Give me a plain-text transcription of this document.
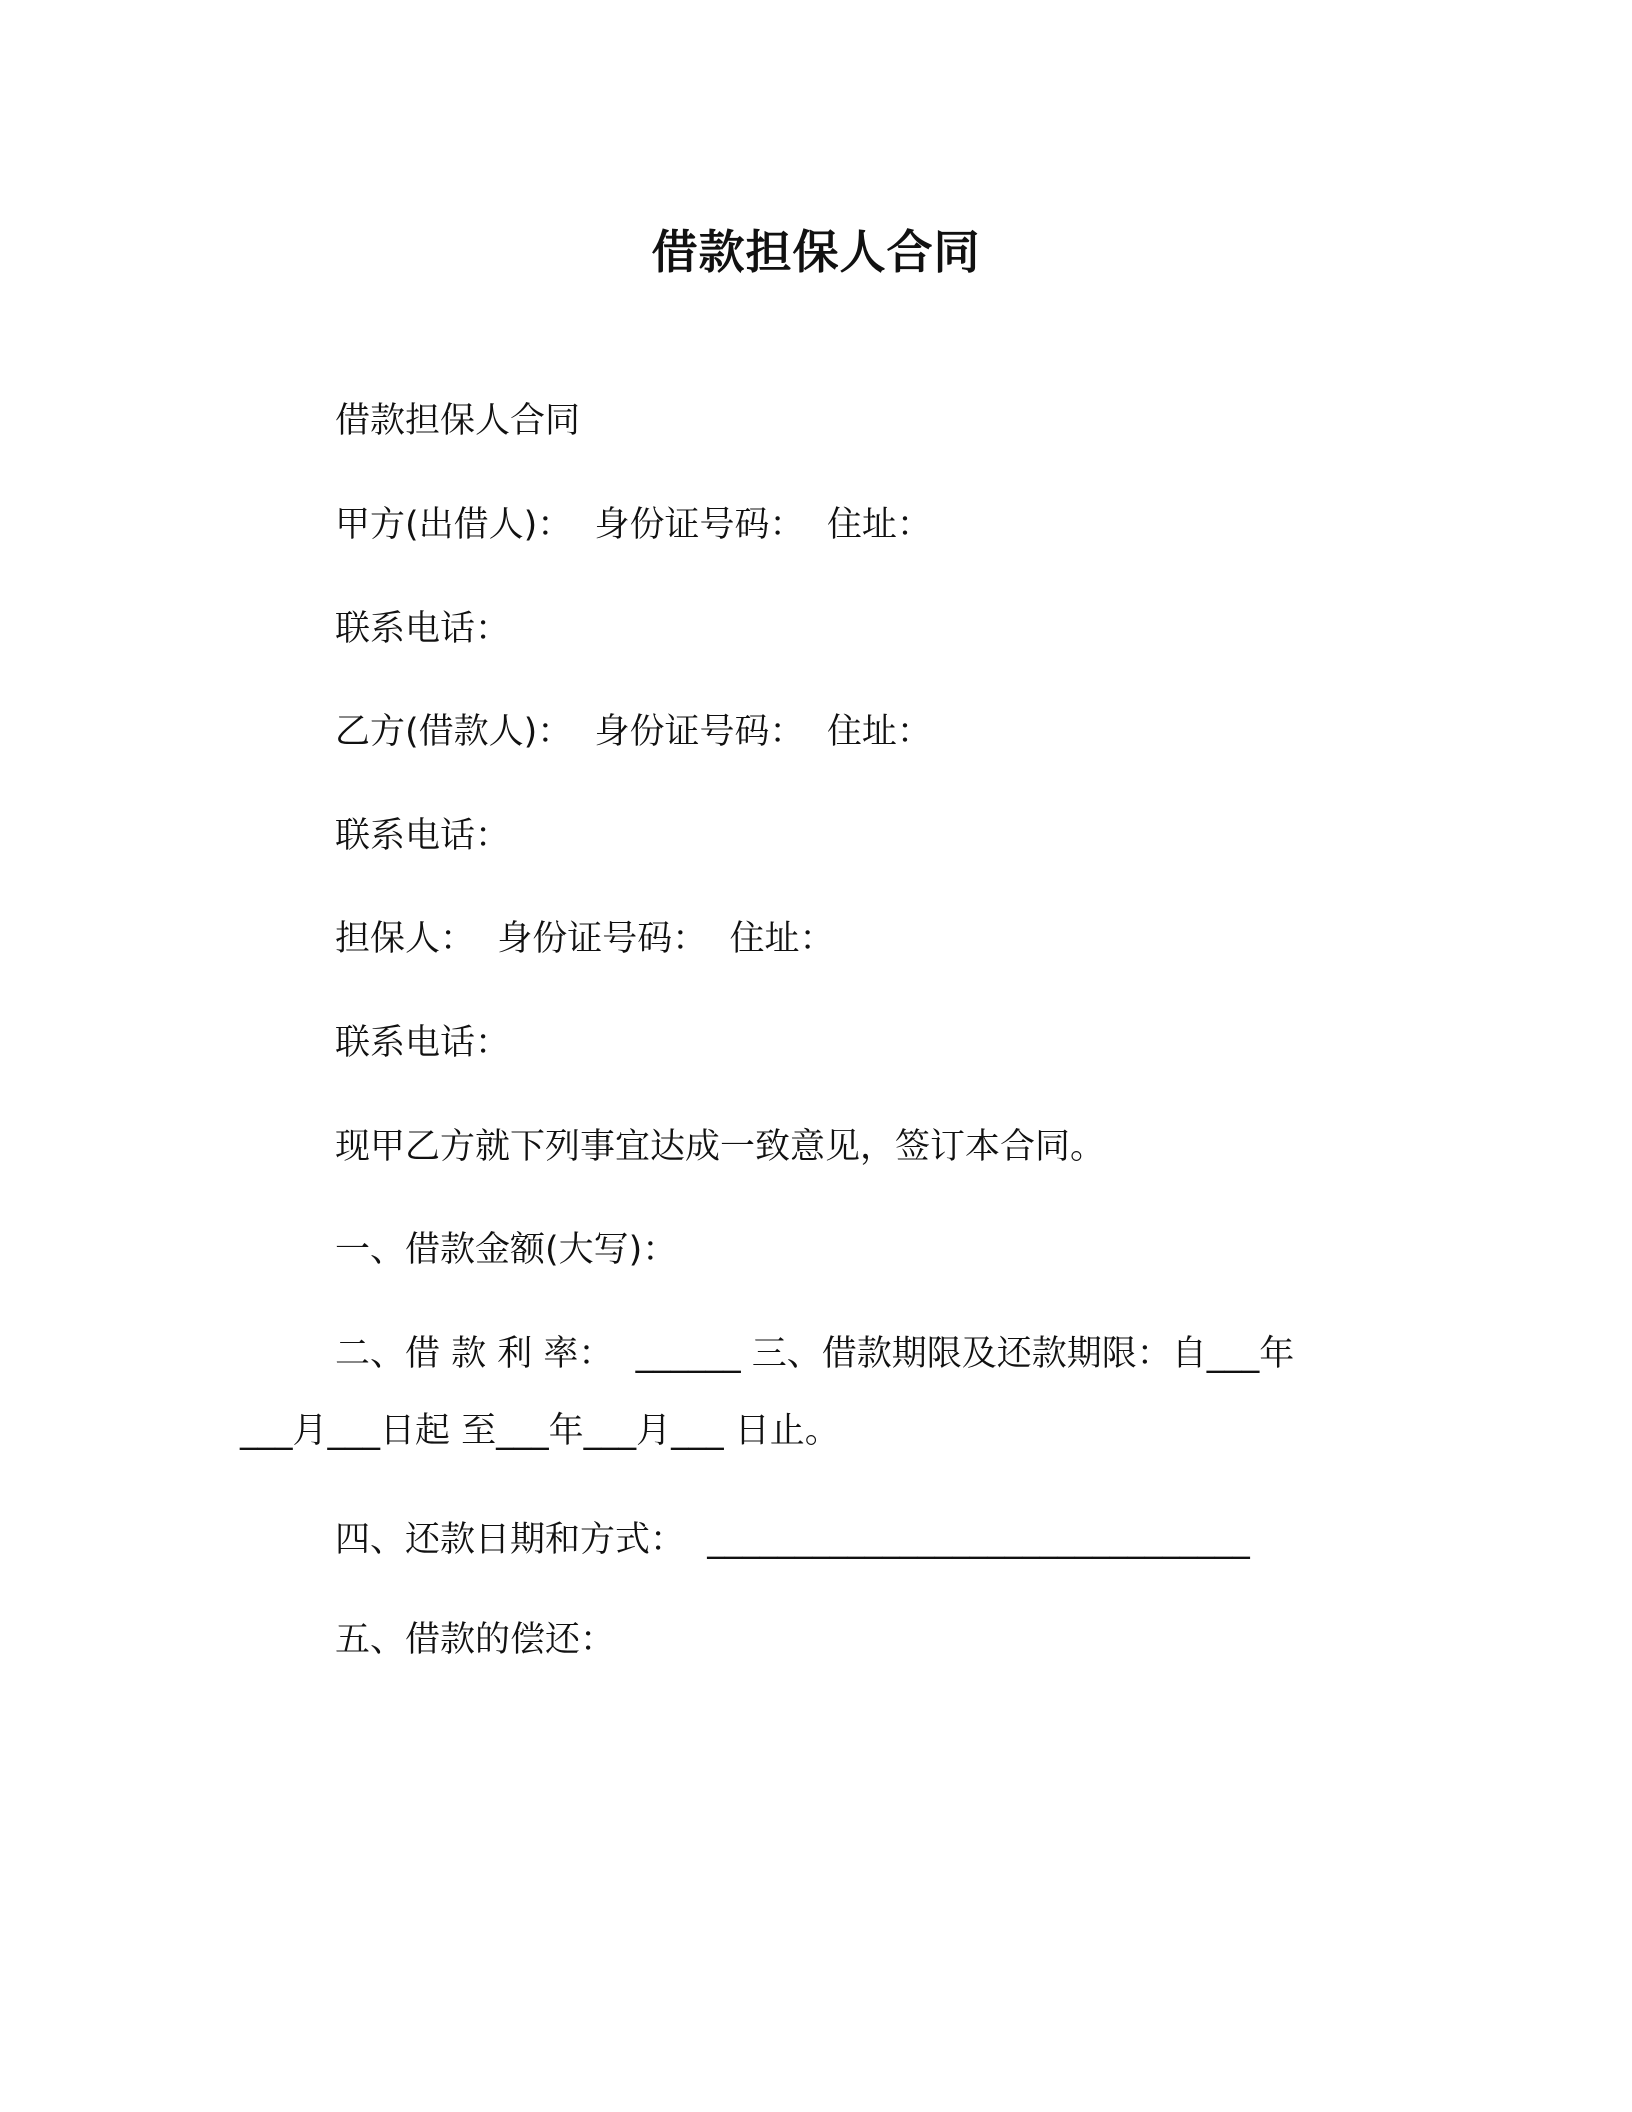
借款担保人合同
借款担保人合同
甲方(出借人)：  身份证号码：  住址：
联系电话：
乙方(借款人)：  身份证号码：  住址：
联系电话：
担保人：  身份证号码：  住址：
联系电话：
现甲乙方就下列事宜达成一致意见，签订本合同。
一、借款金额(大写)：
二、借 款 利 率：  ______ 三、借款期限及还款期限：自___年
___月___日起 至___年___月___ 日止。
四、还款日期和方式：  _______________________________
五、借款的偿还：
